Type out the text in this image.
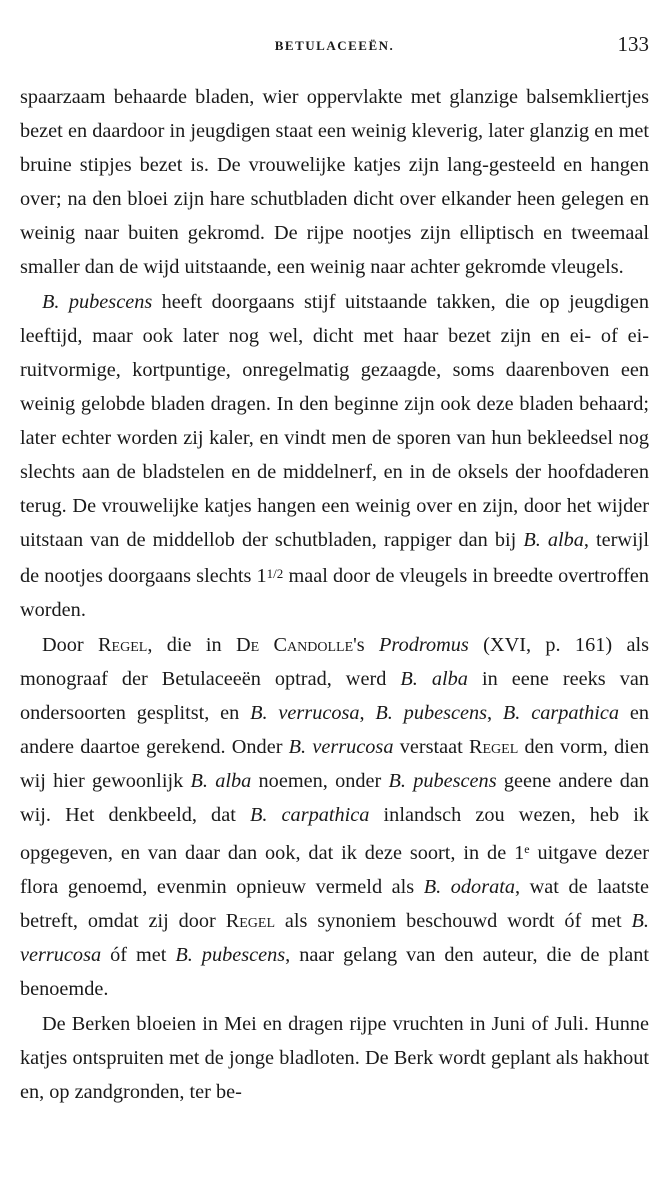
BETULACEEËN.	133

spaarzaam behaarde bladen, wier oppervlakte met glanzige balsemkliertjes bezet en daardoor in jeugdigen staat een weinig kleverig, later glanzig en met bruine stipjes bezet is. De vrouwelijke katjes zijn lang-gesteeld en hangen over; na den bloei zijn hare schutbladen dicht over elkander heen gelegen en weinig naar buiten gekromd. De rijpe nootjes zijn elliptisch en tweemaal smaller dan de wijd uitstaande, een weinig naar achter gekromde vleugels.

B. pubescens heeft doorgaans stijf uitstaande takken, die op jeugdigen leeftijd, maar ook later nog wel, dicht met haar bezet zijn en ei- of ei-ruitvormige, kortpuntige, onregelmatig gezaagde, soms daarenboven een weinig gelobde bladen dragen. In den beginne zijn ook deze bladen behaard; later echter worden zij kaler, en vindt men de sporen van hun bekleedsel nog slechts aan de bladstelen en de middelnerf, en in de oksels der hoofdaderen terug. De vrouwelijke katjes hangen een weinig over en zijn, door het wijder uitstaan van de middellob der schutbladen, rappiger dan bij B. alba, terwijl de nootjes doorgaans slechts 11/2 maal door de vleugels in breedte overtroffen worden.

Door Regel, die in De Candolle's Prodromus (XVI, p. 161) als monograaf der Betulaceeën optrad, werd B. alba in eene reeks van ondersoorten gesplitst, en B. verrucosa, B. pubescens, B. carpathica en andere daartoe gerekend. Onder B. verrucosa verstaat Regel den vorm, dien wij hier gewoonlijk B. alba noemen, onder B. pubescens geene andere dan wij. Het denkbeeld, dat B. carpathica inlandsch zou wezen, heb ik opgegeven, en van daar dan ook, dat ik deze soort, in de 1e uitgave dezer flora genoemd, evenmin opnieuw vermeld als B. odorata, wat de laatste betreft, omdat zij door Regel als synoniem beschouwd wordt óf met B. verrucosa óf met B. pubescens, naar gelang van den auteur, die de plant benoemde.

De Berken bloeien in Mei en dragen rijpe vruchten in Juni of Juli. Hunne katjes ontspruiten met de jonge bladloten. De Berk wordt geplant als hakhout en, op zandgronden, ter be-
